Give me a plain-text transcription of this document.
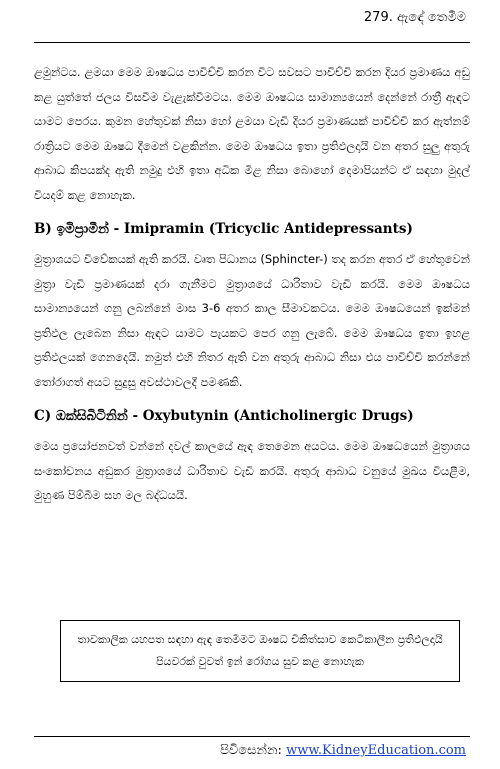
279. ඇඳේ තෙමීම

ළමුන්ටය. ළමයා මෙම ඖෂධය පාවිච්චි කරන විට සවසට පාවිච්චි කරන දියර ප්‍රමාණය අඩු කළ යුත්තේ ජලය විසවීම වැළැක්වීමටය. මෙම ඖෂධය සාමාන්‍යයෙන් දෙන්නේ රාත්‍රී ඇඳට යාමට පෙරය. කුමන හේතුවක් නිසා හෝ ළමයා වැඩි දියර ප්‍රමාණයක් පාවිච්චි කර ඇත්නම් රාත්‍රියට මෙම ඖෂධ දීමෙන් වළකින්න. මෙම ඖෂධය ඉතා ප්‍රතිඵලදායි වන අතර සුලු අතුරු ආබාධ කිපයක්ද ඇති නමුදු එහි ඉතා අධික මිළ නිසා බොහෝ දෙමාපියන්ට ඒ සඳහා මුදල් වියදම් කළ නොහැක.

B) ඉමිප්‍රාමීන් - Imipramin (Tricyclic Antidepressants)

මුත්‍රාශයට විවේකයක් ඇති කරයි. වෘත පිධානය (Sphincter-) තද කරන අතර ඒ හේතුවෙන් මුත්‍රා වැඩි ප්‍රමාණයක් දරා ගැනීමට මුත්‍රාශයේ ධාරිතාව වැඩි කරයි. මෙම ඖෂධය සාමාන්‍යයෙන් ගනු ලබන්නේ මාස 3-6 අතර කාල සීමාවකටය. මෙම ඖෂධයෙන් ඉක්මන් ප්‍රතිඵල ලැබෙන නිසා ඇඳට යාමට පැයකට පෙර ගනු ලැබේ. මෙම ඖෂධය ඉතා ඉහළ ප්‍රතිඵලයක් ගෙනදෙයි. නමුත් එහි නිතර ඇති වන අතුරු ආබාධ නිසා එය පාවිච්චි කරන්නේ තෝරාගත් අයට සුදුසු අවස්ථාවලදී පමණකි.

C) ඔක්සිබිටිනින් - Oxybutynin (Anticholinergic Drugs)

මෙය ප්‍රයෝජනවත් වන්නේ දවල් කාලයේ ඇඳ තෙමෙන අයටය. මෙම ඖෂධයෙන් මුත්‍රාශය සංකෝචනය අඩුකර මුත්‍රාශයේ ධාරිතාව වැඩි කරයි. අතුරු ආබාධ වනුයේ මුඛය වියළීම, මුහුණ පිම්බීම සහ මල බද්ධයයි.

තාවකාලික යහපත සඳහා ඇඳ තෙමීමට ඖෂධ චිකිත්සාව කෙටිකාලීන ප්‍රතිඵලදායි පියවරක් වුවත් ඉන් රෝගය සුව කළ නොහැක
පිවිසෙන්න: www.KidneyEducation.com
